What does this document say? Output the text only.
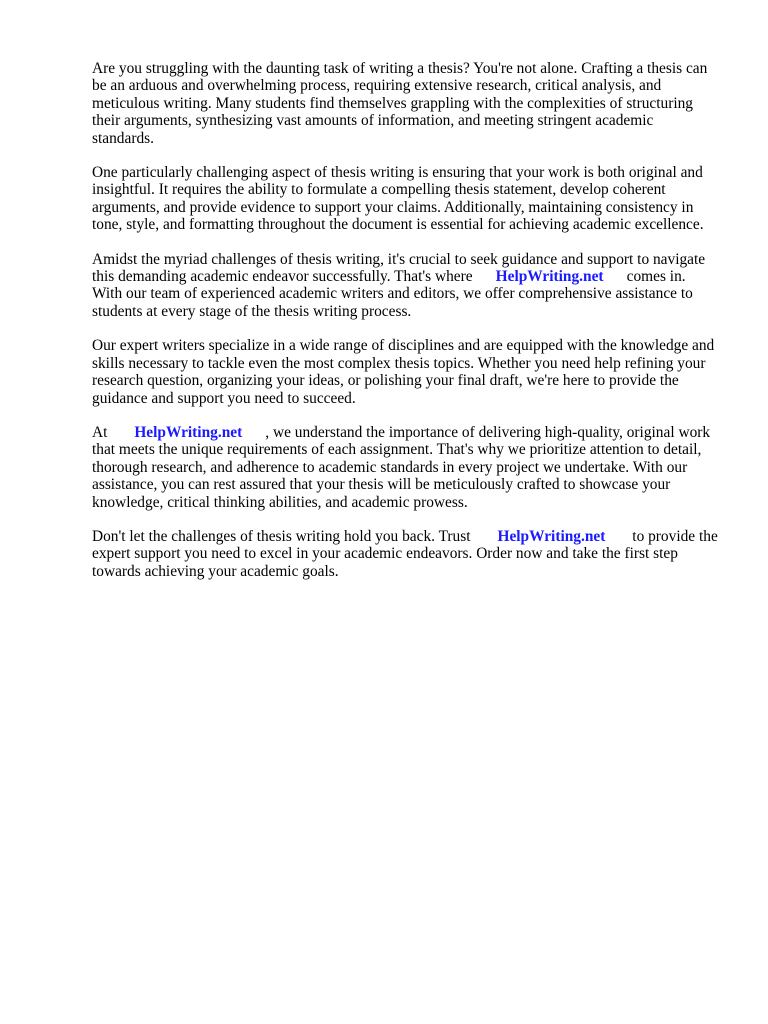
Are you struggling with the daunting task of writing a thesis? You're not alone. Crafting a thesis can
be an arduous and overwhelming process, requiring extensive research, critical analysis, and
meticulous writing. Many students find themselves grappling with the complexities of structuring
their arguments, synthesizing vast amounts of information, and meeting stringent academic
standards.

One particularly challenging aspect of thesis writing is ensuring that your work is both original and
insightful. It requires the ability to formulate a compelling thesis statement, develop coherent
arguments, and provide evidence to support your claims. Additionally, maintaining consistency in
tone, style, and formatting throughout the document is essential for achieving academic excellence.

Amidst the myriad challenges of thesis writing, it's crucial to seek guidance and support to navigate
this demanding academic endeavor successfully. That's where      HelpWriting.net      comes in.
With our team of experienced academic writers and editors, we offer comprehensive assistance to
students at every stage of the thesis writing process.

Our expert writers specialize in a wide range of disciplines and are equipped with the knowledge and
skills necessary to tackle even the most complex thesis topics. Whether you need help refining your
research question, organizing your ideas, or polishing your final draft, we're here to provide the
guidance and support you need to succeed.

At       HelpWriting.net      , we understand the importance of delivering high-quality, original work
that meets the unique requirements of each assignment. That's why we prioritize attention to detail,
thorough research, and adherence to academic standards in every project we undertake. With our
assistance, you can rest assured that your thesis will be meticulously crafted to showcase your
knowledge, critical thinking abilities, and academic prowess.

Don't let the challenges of thesis writing hold you back. Trust       HelpWriting.net       to provide the
expert support you need to excel in your academic endeavors. Order now and take the first step
towards achieving your academic goals.
